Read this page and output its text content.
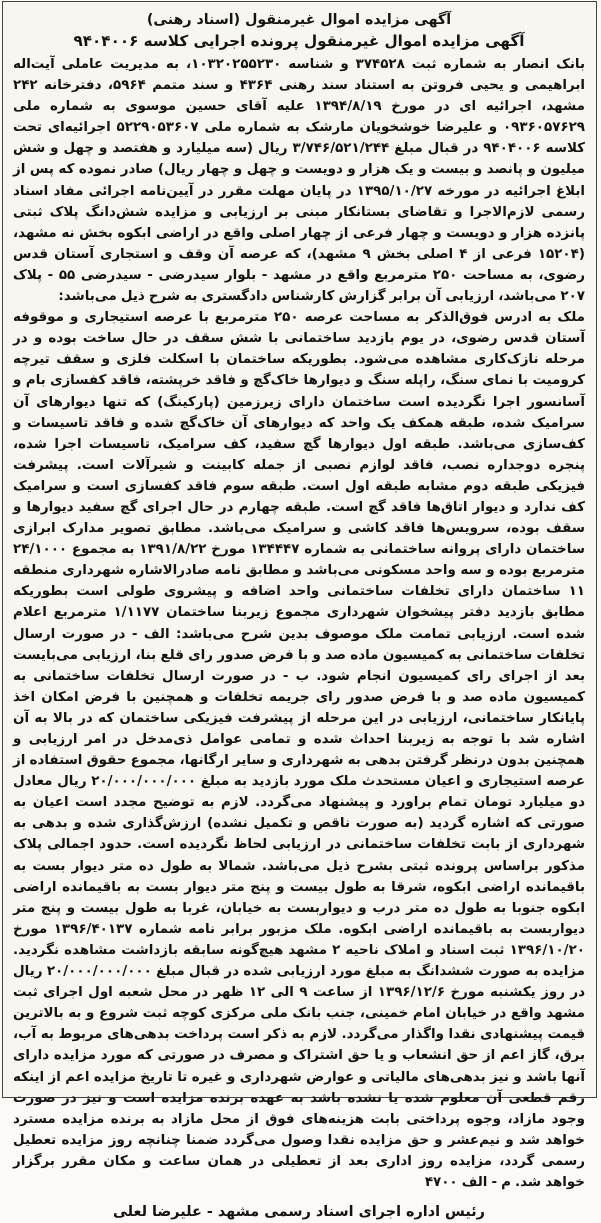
آگهی مزایده اموال غیرمنقول (اسناد رهنی)
آگهی مزایده اموال غیرمنقول پرونده اجرایی کلاسه ۹۴۰۴۰۰۶

بانک انصار به شماره ثبت ۳۷۴۵۲۸ و شناسه ۱۰۳۲۰۲۵۵۲۳۰، به مدیریت عاملی آیت‌اله ابراهیمی و یحیی فروتن به استناد سند رهنی ۴۳۶۴ و سند متمم ۵۹۶۴، دفترخانه ۲۴۲ مشهد، اجرائیه ای در مورخ ۱۳۹۴/۸/۱۹ علیه آقای حسین موسوی به شماره ملی ۰۹۳۶۰۵۷۶۲۹ و علیرضا خوشخویان مارشک به شماره ملی ۵۲۲۹۰۵۳۶۰۷ اجرائیه‌ای تحت کلاسه ۹۴۰۴۰۰۶ در قبال مبلغ ۳/۷۴۶/۵۲۱/۲۴۴ ریال (سه میلیارد و هفتصد و چهل و شش میلیون و پانصد و بیست و یک هزار و دویست و چهل و چهار ریال) صادر نموده که پس از ابلاغ اجرائیه در مورخه ۱۳۹۵/۱۰/۲۷ در پایان مهلت مقرر در آیین‌نامه اجرائی مفاد اسناد رسمی لازم‌الاجرا و تقاضای بستانکار مبنی بر ارزیابی و مزایده شش‌دانگ پلاک ثبتی پانزده هزار و دویست و چهار فرعی از چهار اصلی واقع در اراضی ابکوه بخش نه مشهد، (۱۵۲۰۴ فرعی از ۴ اصلی بخش ۹ مشهد)، که عرصه آن وقف و استجاری آستان قدس رضوی، به مساحت ۲۵۰ مترمربع واقع در مشهد - بلوار سیدرضی - سیدرضی ۵۵ - پلاک ۲۰۷ می‌باشد، ارزیابی آن برابر گزارش کارشناس دادگستری به شرح ذیل می‌باشد:

ملک به ادرس فوق‌الذکر به مساحت عرصه ۲۵۰ مترمربع با عرصه استیجاری و موقوفه آستان قدس رضوی، در یوم بازدید ساختمانی با شش سقف در حال ساخت بوده و در مرحله نازک‌کاری مشاهده می‌شود. بطوریکه ساختمان با اسکلت فلزی و سقف تیرچه کرومیت با نمای سنگ، راپله سنگ و دیوارها خاک‌گچ و فاقد خرپشته، فاقد کفسازی بام و آسانسور اجرا نگردیده است ساختمان دارای زیرزمین (پارکینگ) که تنها دیوارهای آن سرامیک شده، طبقه همکف یک واحد که دیوارهای آن خاک‌گچ شده و فاقد تاسیسات و کف‌سازی می‌باشد. طبقه اول دیوارها گچ سفید، کف سرامیک، تاسیسات اجرا شده، پنجره دوجداره نصب، فاقد لوازم نصبی از جمله کابینت و شیرآلات است. پیشرفت فیزیکی طبقه دوم مشابه طبقه اول است. طبقه سوم فاقد کفسازی است و سرامیک کف ندارد و دیوار اتاق‌ها فاقد گچ است. طبقه چهارم در حال اجرای گچ سفید دیوارها و سقف بوده، سرویس‌ها فاقد کاشی و سرامیک می‌باشد. مطابق تصویر مدارک ابرازی ساختمان دارای پروانه ساختمانی به شماره ۱۳۴۴۴۷ مورخ ۱۳۹۱/۸/۲۲ به مجموع ۲۴/۱۰۰۰ مترمربع بوده و سه واحد مسکونی می‌باشد و مطابق نامه صادرالاشاره شهرداری منطقه ۱۱ ساختمان دارای تخلفات ساختمانی واحد اضافه و پیشروی طولی است بطوریکه مطابق بازدید دفتر پیشخوان شهرداری مجموع زیربنا ساختمان ۱/۱۱۷۷ مترمربع اعلام شده است. ارزیابی تمامت ملک موصوف بدین شرح می‌باشد: الف - در صورت ارسال تخلفات ساختمانی به کمیسیون ماده صد و با فرض صدور رای قلع بنا، ارزیابی می‌بایست بعد از اجرای رای کمیسیون انجام شود. ب - در صورت ارسال تخلفات ساختمانی به کمیسیون ماده صد و با فرض صدور رای جریمه تخلفات و همچنین با فرض امکان اخذ پایانکار ساختمانی، ارزیابی در این مرحله از پیشرفت فیزیکی ساختمان که در بالا به آن اشاره شد با توجه به زیربنا احداث شده و تمامی عوامل ذی‌مدخل در امر ارزیابی و همچنین بدون درنظر گرفتن بدهی به شهرداری و سایر ارگانها، مجموع حقوق استفاده از عرصه استیجاری و اعیان مستحدث ملک مورد بازدید به مبلغ ۲۰/۰۰۰/۰۰۰/۰۰۰ ریال معادل دو میلیارد تومان تمام براورد و پیشنهاد می‌گردد. لازم به توضیح مجدد است اعیان به صورتی که اشاره گردید (به صورت ناقص و تکمیل نشده) ارزش‌گذاری شده و بدهی به شهرداری از بابت تخلفات ساختمانی در ارزیابی لحاظ نگردیده است. حدود اجمالی پلاک مذکور براساس پرونده ثبتی بشرح ذیل می‌باشد. شمالا به طول ده متر دیوار بست به باقیمانده اراضی ابکوه، شرقا به طول بیست و پنج متر دیوار بست به باقیمانده اراضی ابکوه جنوبا به طول ده متر درب و دیواربست به خیابان، غربا به طول بیست و پنج متر دیواربست به باقیمانده اراضی ابکوه. ملک مزبور برابر نامه شماره ۱۳۹۶/۴۰۱۳۷ مورخ ۱۳۹۶/۱۰/۲۰ ثبت اسناد و املاک ناحیه ۲ مشهد هیچ‌گونه سابقه بازداشت مشاهده نگردید. مزایده به صورت ششدانگ به مبلغ مورد ارزیابی شده در قبال مبلغ ۲۰/۰۰۰/۰۰۰/۰۰۰ ریال در روز یکشنبه مورخ ۱۳۹۶/۱۲/۶ از ساعت ۹ الی ۱۲ ظهر در محل شعبه اول اجرای ثبت مشهد واقع در خیابان امام خمینی، جنب بانک ملی مرکزی کوچه ثبت شروع و به بالاترین قیمت پیشنهادی نقدا واگذار می‌گردد. لازم به ذکر است پرداخت بدهی‌های مربوط به آب، برق، گاز اعم از حق انشعاب و یا حق اشتراک و مصرف در صورتی که مورد مزایده دارای آنها باشد و نیز بدهی‌های مالیاتی و عوارض شهرداری و غیره تا تاریخ مزایده اعم از اینکه رقم قطعی آن معلوم شده یا نشده باشد به عهده برنده مزایده است و نیز در صورت وجود مازاد، وجوه پرداختی بابت هزینه‌های فوق از محل مازاد به برنده مزایده مسترد خواهد شد و نیم‌عشر و حق مزایده نقدا وصول می‌گردد ضمنا چنانچه روز مزایده تعطیل رسمی گردد، مزایده روز اداری بعد از تعطیلی در همان ساعت و مکان مقرر برگزار خواهد شد. م - الف ۴۷۰۰

رئیس اداره اجرای اسناد رسمی مشهد - علیرضا لعلی
